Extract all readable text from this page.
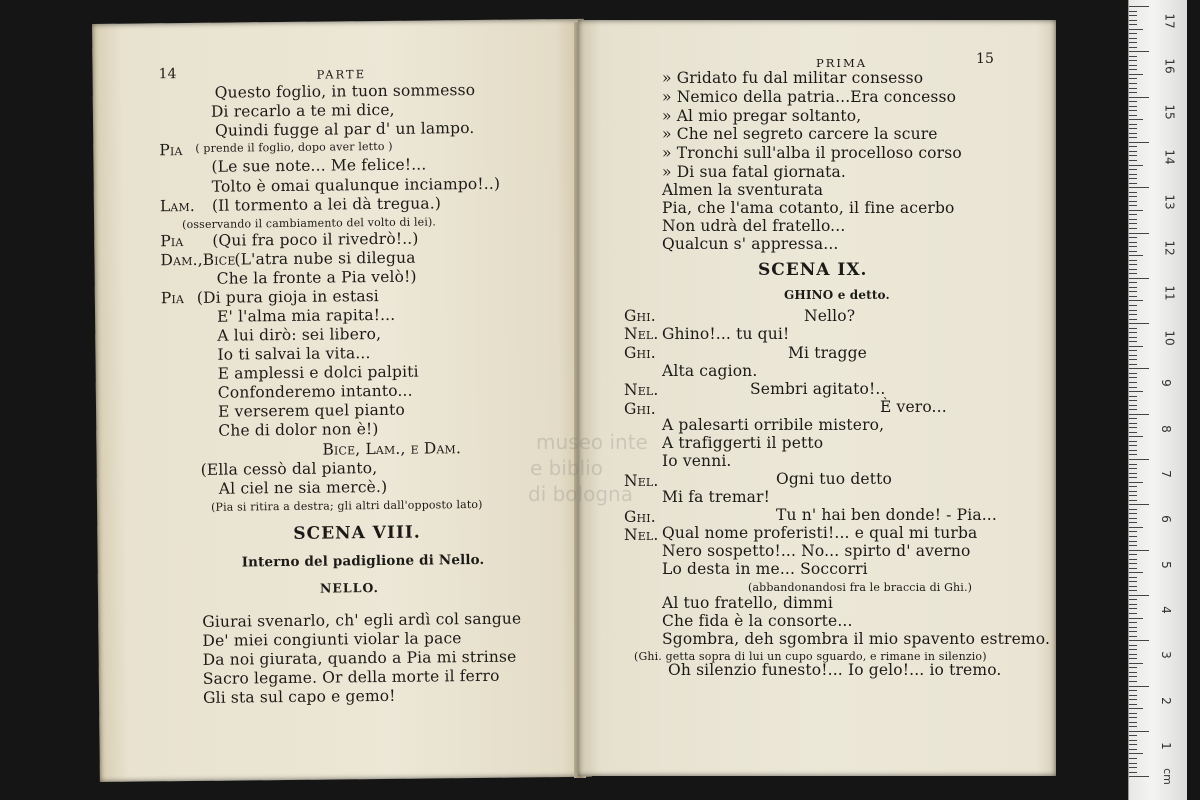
14	PARTE
Questo foglio, in tuon sommesso
Di recarlo a te mi dice,
Quindi fugge al par d' un lampo.
Pia ( prende il foglio, dopo aver letto )
(Le sue note... Me felice!...
Tolto è omai qualunque inciampo!..)
Lam. (Il tormento a lei dà tregua.)
(osservando il cambiamento del volto di lei).
Pia (Qui fra poco il rivedrò!..)
Dam.,Bice
(L'atra nube si dilegua
Che la fronte a Pia velò!)
Pia (Di pura gioja in estasi
E' l'alma mia rapita!...
A lui dirò: sei libero,
Io ti salvai la vita...
E amplessi e dolci palpiti
Confonderemo intanto...
E verserem quel pianto
Che di dolor non è!)
Bice, Lam., e Dam.
(Ella cessò dal pianto,
Al ciel ne sia mercè.)
(Pia si ritira a destra; gli altri dall'opposto lato)
SCENA VIII.
Interno del padiglione di Nello.
NELLO.
Giurai svenarlo, ch' egli ardì col sangue
De' miei congiunti violar la pace
Da noi giurata, quando a Pia mi strinse
Sacro legame. Or della morte il ferro
Gli sta sul capo e gemo!
PRIMA	15
» Gridato fu dal militar consesso
» Nemico della patria...Era concesso
» Al mio pregar soltanto,
» Che nel segreto carcere la scure
» Tronchi sull'alba il procelloso corso
» Di sua fatal giornata.
Almen la sventurata
Pia, che l'ama cotanto, il fine acerbo
Non udrà del fratello...
Qualcun s' appressa...
SCENA IX.
GHINO e detto.
Ghi.	Nello?
Nel. Ghino!... tu qui!
Ghi.	Mi tragge
Alta cagion.
Nel.	Sembri agitato!..
Ghi.	È vero...
A palesarti orribile mistero,
A trafiggerti il petto
Io venni.
Nel.	Ogni tuo detto
Mi fa tremar!
Ghi.	Tu n' hai ben donde! - Pia...
Nel. Qual nome proferisti!... e qual mi turba
Nero sospetto!... No... spirto d' averno
Lo desta in me... Soccorri
(abbandonandosi fra le braccia di Ghi.)
Al tuo fratello, dimmi
Che fida è la consorte...
Sgombra, deh sgombra il mio spavento estremo.
(Ghi. getta sopra di lui un cupo sguardo, e rimane in silenzio)
Oh silenzio funesto!... Io gelo!... io tremo.
museo inte
e biblio
di bologna
17
16
15
14
13
12
11
10
9
8
7
6
5
4
3
2
1
cm
